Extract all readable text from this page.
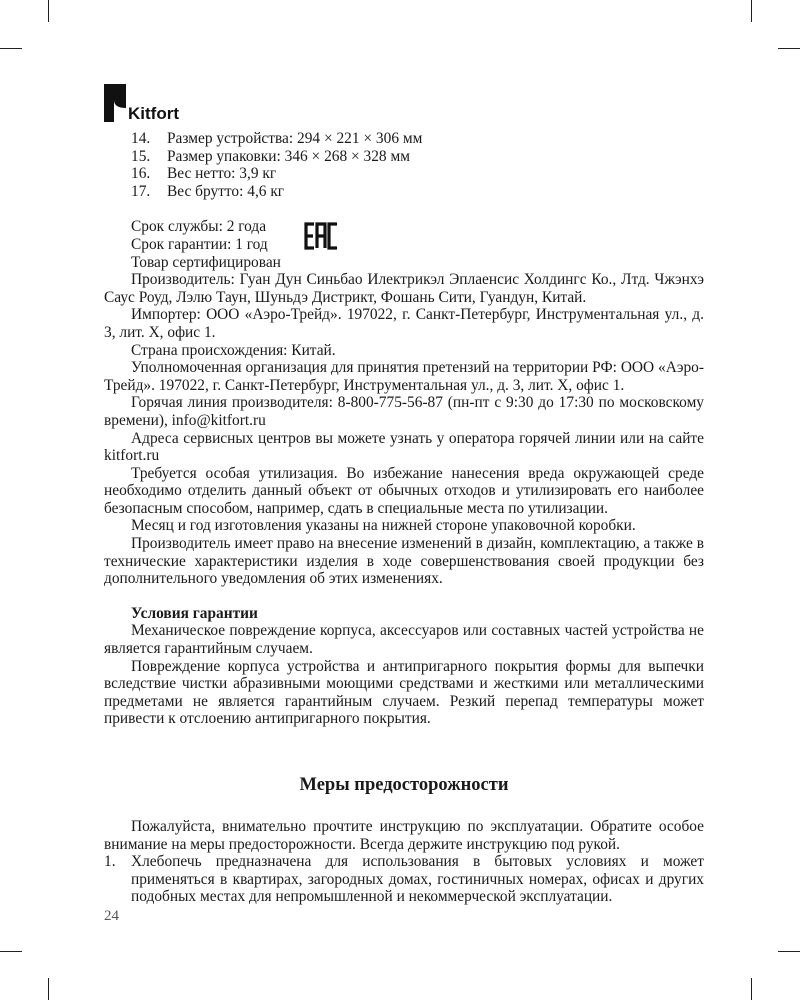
Kitfort
14. Размер устройства: 294 × 221 × 306 мм
15. Размер упаковки: 346 × 268 × 328 мм
16. Вес нетто: 3,9 кг
17. Вес брутто: 4,6 кг

Срок службы: 2 года

Срок гарантии: 1 год

Товар сертифицирован

Производитель: Гуан Дун Синьбао Илектрикэл Эплаенсис Холдингс Ко., Лтд. Чжэнхэ Саус Роуд, Лэлю Таун, Шуньдэ Дистрикт, Фошань Сити, Гуандун, Китай.

Импортер: ООО «Аэро-Трейд». 197022, г. Санкт-Петербург, Инструментальная ул., д. 3, лит. Х, офис 1.

Страна происхождения: Китай.

Уполномоченная организация для принятия претензий на территории РФ: ООО «Аэро-Трейд». 197022, г. Санкт-Петербург, Инструментальная ул., д. 3, лит. Х, офис 1.

Горячая линия производителя: 8-800-775-56-87 (пн-пт с 9:30 до 17:30 по московскому времени), info@kitfort.ru

Адреса сервисных центров вы можете узнать у оператора горячей линии или на сайте kitfort.ru

Требуется особая утилизация. Во избежание нанесения вреда окружающей среде необходимо отделить данный объект от обычных отходов и утилизировать его наиболее безопасным способом, например, сдать в специальные места по утилизации.

Месяц и год изготовления указаны на нижней стороне упаковочной коробки.

Производитель имеет право на внесение изменений в дизайн, комплектацию, а также в технические характеристики изделия в ходе совершенствования своей продукции без дополнительного уведомления об этих изменениях.

Условия гарантии

Механическое повреждение корпуса, аксессуаров или составных частей устройства не является гарантийным случаем.

Повреждение корпуса устройства и антипригарного покрытия формы для выпечки вследствие чистки абразивными моющими средствами и жесткими или металлическими предметами не является гарантийным случаем. Резкий перепад температуры может привести к отслоению антипригарного покрытия.

Меры предосторожности

Пожалуйста, внимательно прочтите инструкцию по эксплуатации. Обратите особое внимание на меры предосторожности. Всегда держите инструкцию под рукой.

1. Хлебопечь предназначена для использования в бытовых условиях и может применяться в квартирах, загородных домах, гостиничных номерах, офисах и других подобных местах для непромышленной и некоммерческой эксплуатации.
24
